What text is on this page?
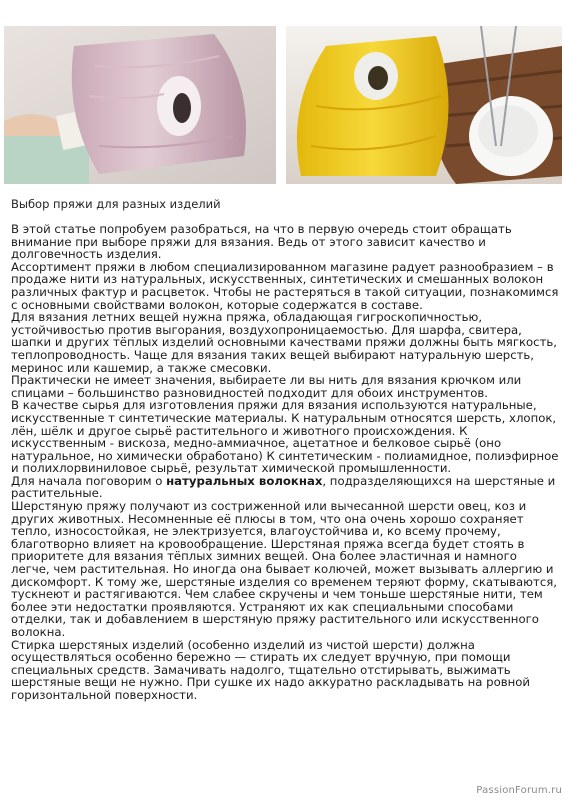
Выбор пряжи для разных изделий

В этой статье попробуем разобраться, на что в первую очередь стоит обращать внимание при выборе пряжи для вязания. Ведь от этого зависит качество и долговечность изделия.

Ассортимент пряжи в любом специализированном магазине радует разнообразием – в продаже нити из натуральных, искусственных, синтетических и смешанных волокон различных фактур и расцветок. Чтобы не растеряться в такой ситуации, познакомимся с основными свойствами волокон, которые содержатся в составе.

Для вязания летних вещей нужна пряжа, обладающая гигроскопичностью, устойчивостью против выгорания, воздухопроницаемостью. Для шарфа, свитера, шапки и других тёплых изделий основными качествами пряжи должны быть мягкость, теплопроводность. Чаще для вязания таких вещей выбирают натуральную шерсть, меринос или кашемир, а также смесовки.

Практически не имеет значения, выбираете ли вы нить для вязания крючком или спицами – большинство разновидностей подходит для обоих инструментов.

В качестве сырья для изготовления пряжи для вязания используются натуральные, искусственные т синтетические материалы. К натуральным относятся шерсть, хлопок, лён, шёлк и другое сырьё растительного и животного происхождения. К искусственным - вискоза, медно-аммиачное, ацетатное и белковое сырьё (оно натуральное, но химически обработано) К синтетическим - полиамидное, полиэфирное и полихлорвиниловое сырьё, результат химической промышленности.

Для начала поговорим о натуральных волокнах, подразделяющихся на шерстяные и растительные.

Шерстяную пряжу получают из состриженной или вычесанной шерсти овец, коз и других животных. Несомненные её плюсы в том, что она очень хорошо сохраняет тепло, износостойкая, не электризуется, влагоустойчива и, ко всему прочему, благотворно влияет на кровообращение. Шерстяная пряжа всегда будет стоять в приоритете для вязания тёплых зимних вещей. Она более эластичная и намного легче, чем растительная. Но иногда она бывает колючей, может вызывать аллергию и дискомфорт. К тому же, шерстяные изделия со временем теряют форму, скатываются, тускнеют и растягиваются. Чем слабее скручены и чем тоньше шерстяные нити, тем более эти недостатки проявляются. Устраняют их как специальными способами отделки, так и добавлением в шерстяную пряжу растительного или искусственного волокна.

Стирка шерстяных изделий (особенно изделий из чистой шерсти) должна осуществляться особенно бережно — стирать их следует вручную, при помощи специальных средств. Замачивать надолго, тщательно отстирывать, выжимать шерстяные вещи не нужно. При сушке их надо аккуратно раскладывать на ровной горизонтальной поверхности.

PassionForum.ru
